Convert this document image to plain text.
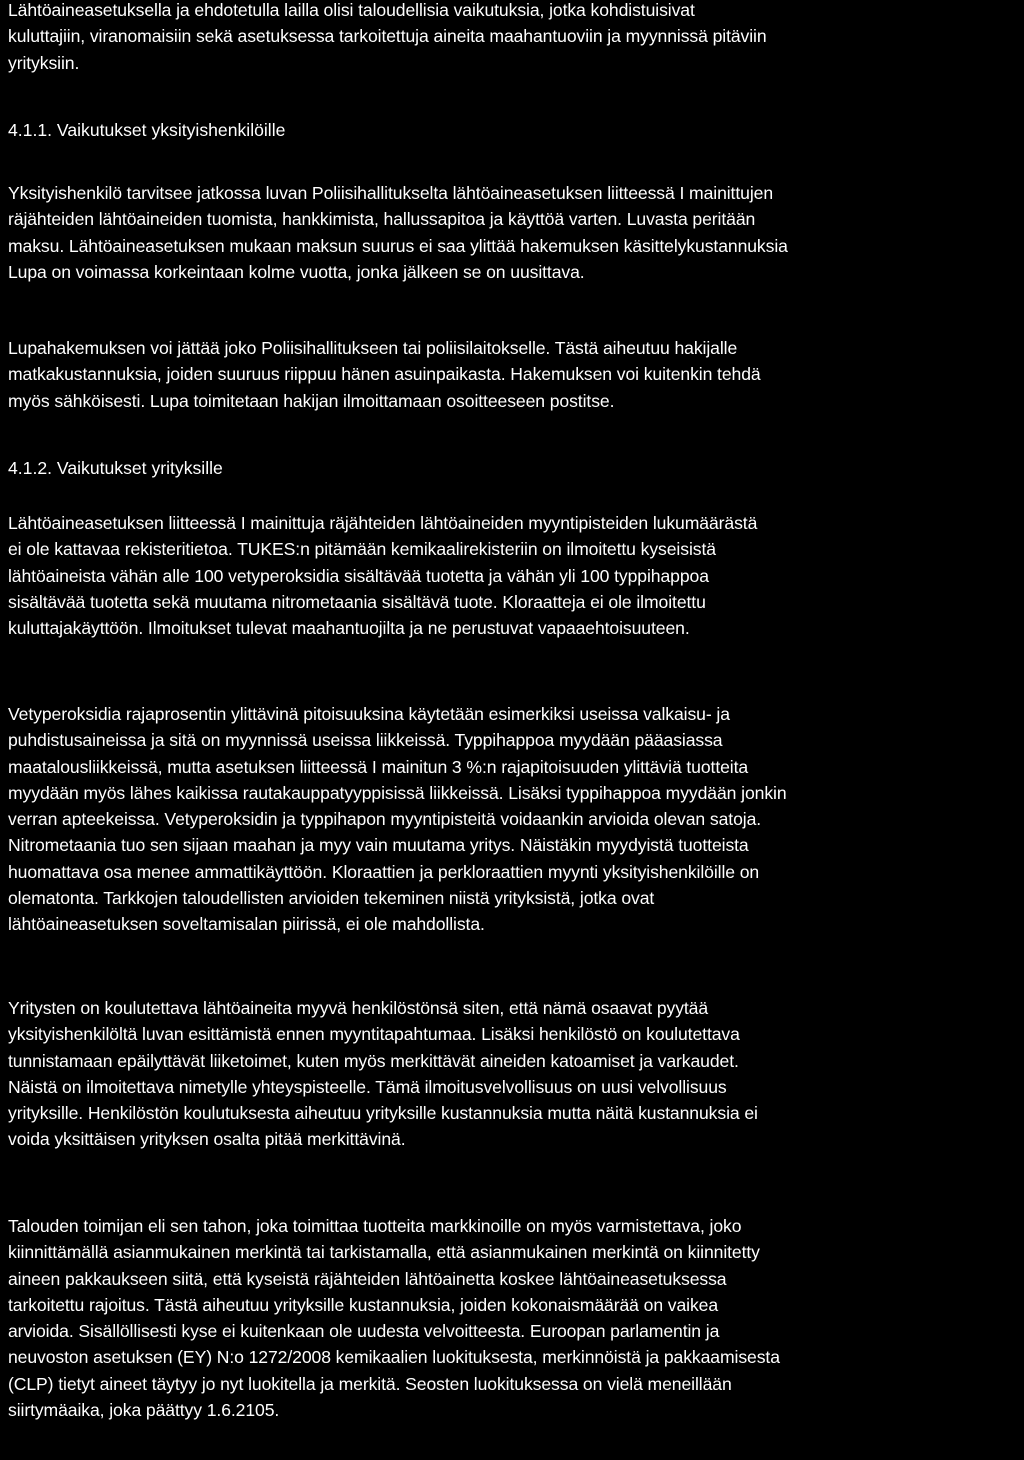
Lähtöaineasetuksella ja ehdotetulla lailla olisi taloudellisia vaikutuksia, jotka kohdistuisivat
kuluttajiin, viranomaisiin sekä asetuksessa tarkoitettuja aineita maahantuoviin ja myynnissä pitäviin
yrityksiin.
4.1.1. Vaikutukset yksityishenkilöille
Yksityishenkilö tarvitsee jatkossa luvan Poliisihallitukselta lähtöaineasetuksen liitteessä I mainittujen
räjähteiden lähtöaineiden tuomista, hankkimista, hallussapitoa ja käyttöä varten. Luvasta peritään
maksu. Lähtöaineasetuksen mukaan maksun suurus ei saa ylittää hakemuksen käsittelykustannuksia
Lupa on voimassa korkeintaan kolme vuotta, jonka jälkeen se on uusittava.
Lupahakemuksen voi jättää joko Poliisihallitukseen tai poliisilaitokselle. Tästä aiheutuu hakijalle
matkakustannuksia, joiden suuruus riippuu hänen asuinpaikasta. Hakemuksen voi kuitenkin tehdä
myös sähköisesti. Lupa toimitetaan hakijan ilmoittamaan osoitteeseen postitse.
4.1.2. Vaikutukset yrityksille
Lähtöaineasetuksen liitteessä I mainittuja räjähteiden lähtöaineiden myyntipisteiden lukumäärästä
ei ole kattavaa rekisteritietoa. TUKES:n pitämään kemikaalirekisteriin on ilmoitettu kyseisistä
lähtöaineista vähän alle 100 vetyperoksidia sisältävää tuotetta ja vähän yli 100 typpihappoa
sisältävää tuotetta sekä muutama nitrometaania sisältävä tuote. Kloraatteja ei ole ilmoitettu
kuluttajakäyttöön. Ilmoitukset tulevat maahantuojilta ja ne perustuvat vapaaehtoisuuteen.
Vetyperoksidia rajaprosentin ylittävinä pitoisuuksina käytetään esimerkiksi useissa valkaisu- ja
puhdistusaineissa ja sitä on myynnissä useissa liikkeissä. Typpihappoa myydään pääasiassa
maatalousliikkeissä, mutta asetuksen liitteessä I mainitun 3 %:n rajapitoisuuden ylittäviä tuotteita
myydään myös lähes kaikissa rautakauppatyyppisissä liikkeissä. Lisäksi typpihappoa myydään jonkin
verran apteekeissa. Vetyperoksidin ja typpihapon myyntipisteitä voidaankin arvioida olevan satoja.
Nitrometaania tuo sen sijaan maahan ja myy vain muutama yritys. Näistäkin myydyistä tuotteista
huomattava osa menee ammattikäyttöön. Kloraattien ja perkloraattien myynti yksityishenkilöille on
olematonta. Tarkkojen taloudellisten arvioiden tekeminen niistä yrityksistä, jotka ovat
lähtöaineasetuksen soveltamisalan piirissä, ei ole mahdollista.
Yritysten on koulutettava lähtöaineita myyvä henkilöstönsä siten, että nämä osaavat pyytää
yksityishenkilöltä luvan esittämistä ennen myyntitapahtumaa. Lisäksi henkilöstö on koulutettava
tunnistamaan epäilyttävät liiketoimet, kuten myös merkittävät aineiden katoamiset ja varkaudet.
Näistä on ilmoitettava nimetylle yhteyspisteelle. Tämä ilmoitusvelvollisuus on uusi velvollisuus
yrityksille. Henkilöstön koulutuksesta aiheutuu yrityksille kustannuksia mutta näitä kustannuksia ei
voida yksittäisen yrityksen osalta pitää merkittävinä.
Talouden toimijan eli sen tahon, joka toimittaa tuotteita markkinoille on myös varmistettava, joko
kiinnittämällä asianmukainen merkintä tai tarkistamalla, että asianmukainen merkintä on kiinnitetty
aineen pakkaukseen siitä, että kyseistä räjähteiden lähtöainetta koskee lähtöaineasetuksessa
tarkoitettu rajoitus. Tästä aiheutuu yrityksille kustannuksia, joiden kokonaismäärää on vaikea
arvioida. Sisällöllisesti kyse ei kuitenkaan ole uudesta velvoitteesta. Euroopan parlamentin ja
neuvoston asetuksen (EY) N:o 1272/2008 kemikaalien luokituksesta, merkinnöistä ja pakkaamisesta
(CLP) tietyt aineet täytyy jo nyt luokitella ja merkitä. Seosten luokituksessa on vielä meneillään
siirtymäaika, joka päättyy 1.6.2105.
